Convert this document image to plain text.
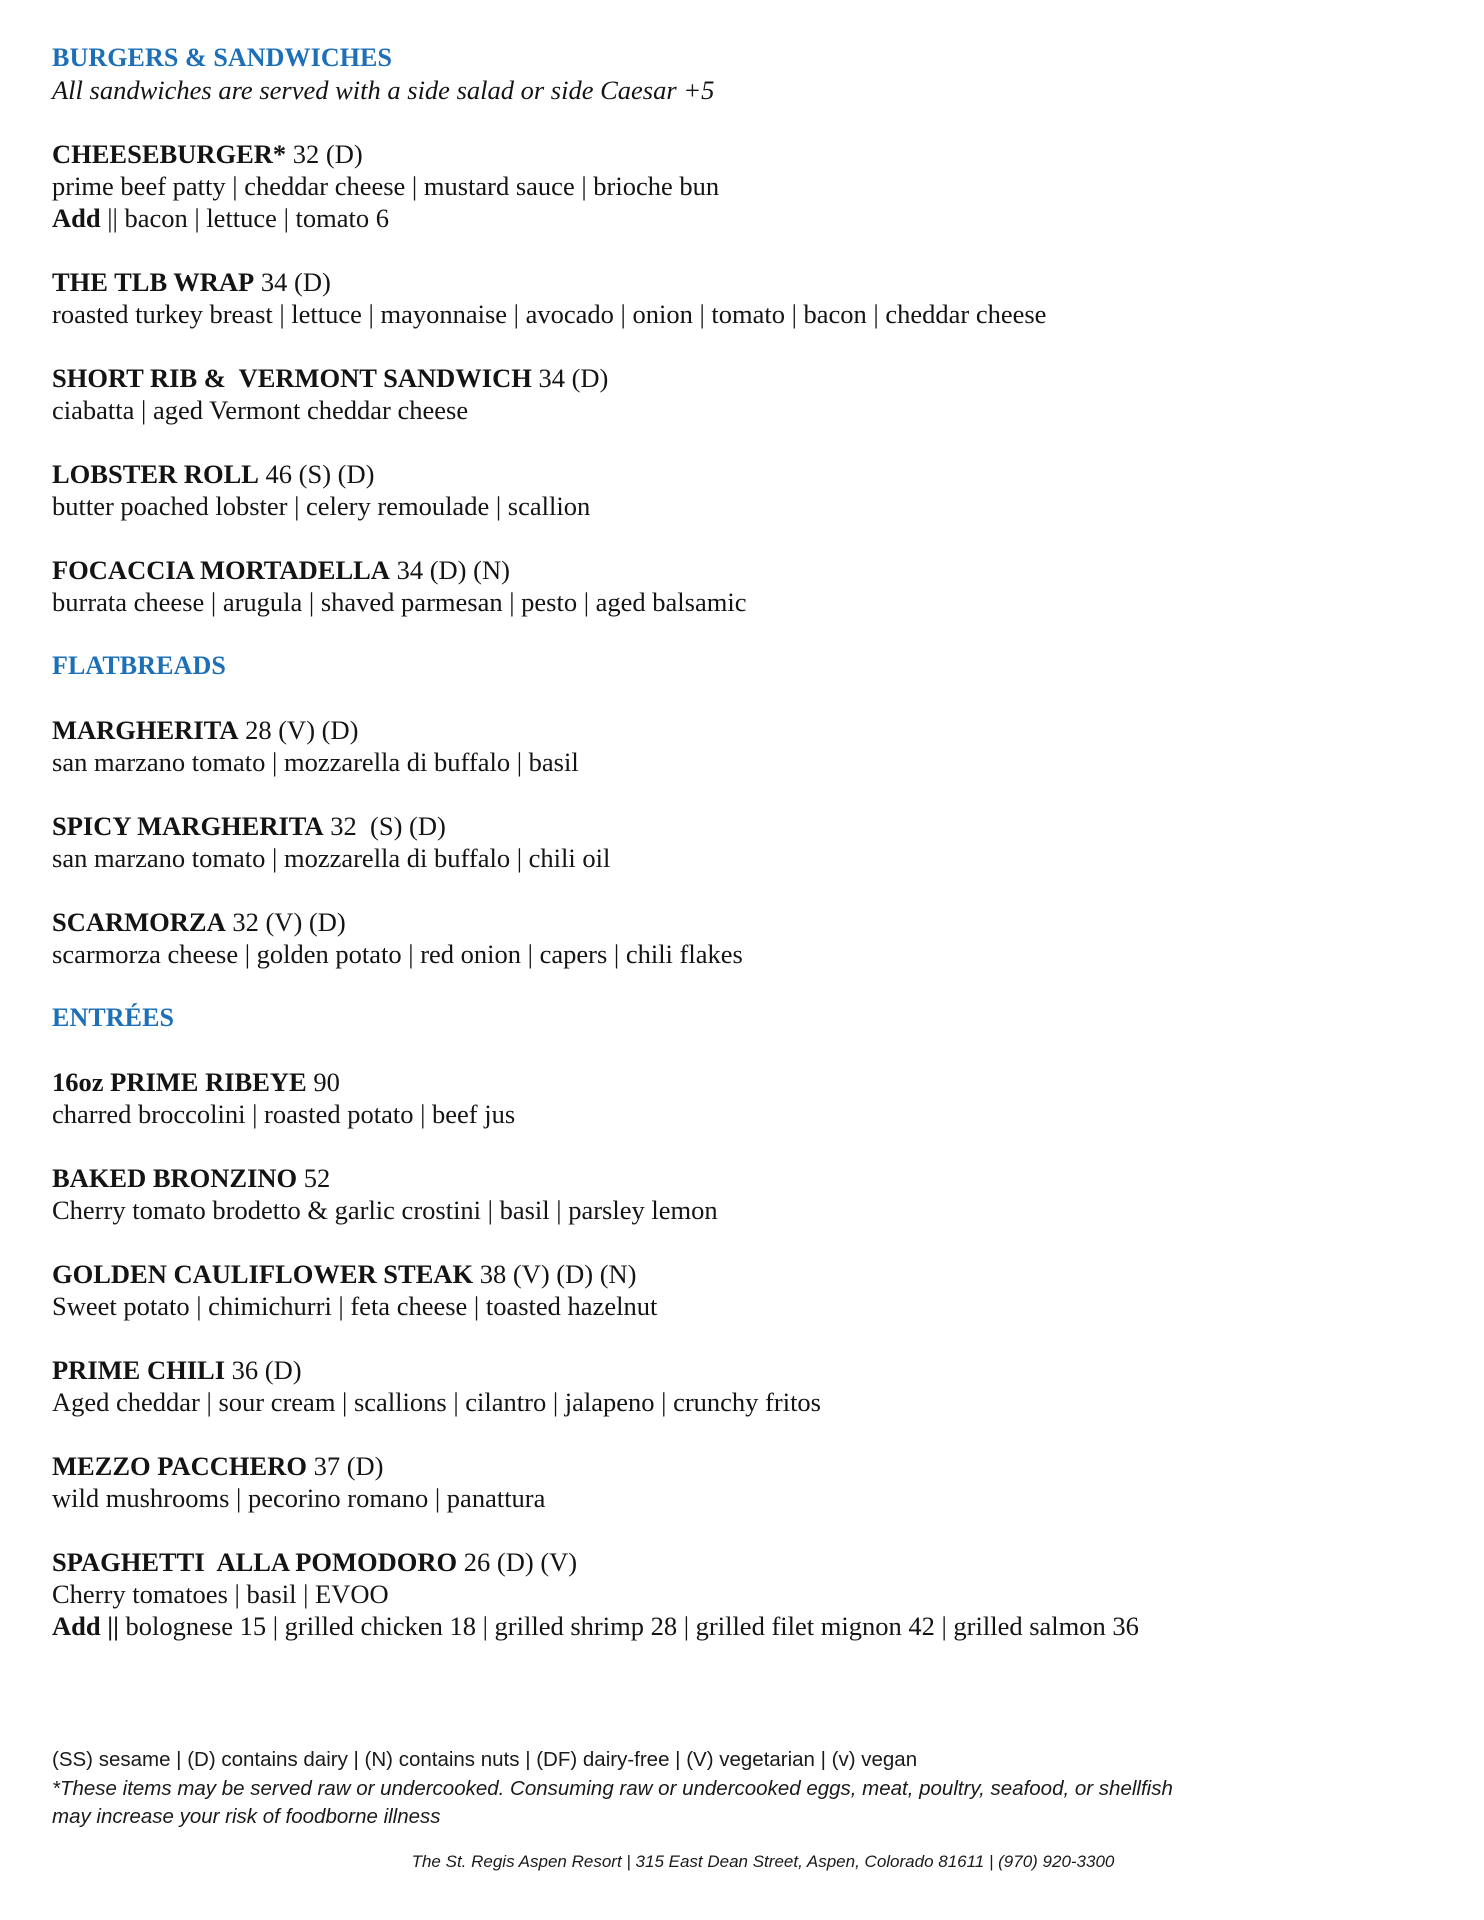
BURGERS & SANDWICHES
All sandwiches are served with a side salad or side Caesar +5
CHEESEBURGER* 32 (D)
prime beef patty | cheddar cheese | mustard sauce | brioche bun
Add || bacon | lettuce | tomato 6
THE TLB WRAP 34 (D)
roasted turkey breast | lettuce | mayonnaise | avocado | onion | tomato | bacon | cheddar cheese
SHORT RIB &  VERMONT SANDWICH 34 (D)
ciabatta | aged Vermont cheddar cheese
LOBSTER ROLL 46 (S) (D)
butter poached lobster | celery remoulade | scallion
FOCACCIA MORTADELLA 34 (D) (N)
burrata cheese | arugula | shaved parmesan | pesto | aged balsamic
FLATBREADS
MARGHERITA 28 (V) (D)
san marzano tomato | mozzarella di buffalo | basil
SPICY MARGHERITA 32  (S) (D)
san marzano tomato | mozzarella di buffalo | chili oil
SCARMORZA 32 (V) (D)
scarmorza cheese | golden potato | red onion | capers | chili flakes
ENTRÉES
16oz PRIME RIBEYE 90
charred broccolini | roasted potato | beef jus
BAKED BRONZINO 52
Cherry tomato brodetto & garlic crostini | basil | parsley lemon
GOLDEN CAULIFLOWER STEAK 38 (V) (D) (N)
Sweet potato | chimichurri | feta cheese | toasted hazelnut
PRIME CHILI 36 (D)
Aged cheddar | sour cream | scallions | cilantro | jalapeno | crunchy fritos
MEZZO PACCHERO 37 (D)
wild mushrooms | pecorino romano | panattura
SPAGHETTI  ALLA POMODORO 26 (D) (V)
Cherry tomatoes | basil | EVOO
Add || bolognese 15 | grilled chicken 18 | grilled shrimp 28 | grilled filet mignon 42 | grilled salmon 36
(SS) sesame | (D) contains dairy | (N) contains nuts | (DF) dairy-free | (V) vegetarian | (v) vegan
*These items may be served raw or undercooked. Consuming raw or undercooked eggs, meat, poultry, seafood, or shellfish
may increase your risk of foodborne illness
The St. Regis Aspen Resort | 315 East Dean Street, Aspen, Colorado 81611 | (970) 920-3300
